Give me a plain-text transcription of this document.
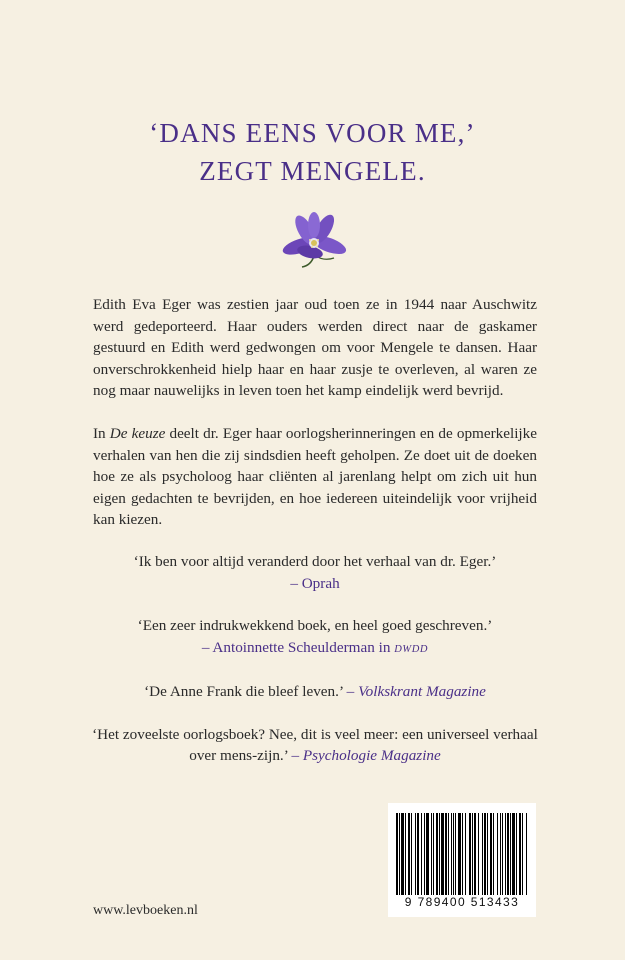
‘DANS EENS VOOR ME,’
ZEGT MENGELE.

Edith Eva Eger was zestien jaar oud toen ze in 1944 naar Auschwitz werd gedeporteerd. Haar ouders werden direct naar de gaskamer gestuurd en Edith werd gedwongen om voor Mengele te dansen. Haar onverschrokkenheid hielp haar en haar zusje te overleven, al waren ze nog maar nauwelijks in leven toen het kamp eindelijk werd bevrijd.

In De keuze deelt dr. Eger haar oorlogsherinneringen en de opmerkelijke verhalen van hen die zij sindsdien heeft geholpen. Ze doet uit de doeken hoe ze als psycholoog haar cliënten al jarenlang helpt om zich uit hun eigen gedachten te bevrijden, en hoe iedereen uiteindelijk voor vrijheid kan kiezen.

‘Ik ben voor altijd veranderd door het verhaal van dr. Eger.’
– Oprah
‘Een zeer indrukwekkend boek, en heel goed geschreven.’
– Antoinnette Scheulderman in DWDD
‘De Anne Frank die bleef leven.’ – Volkskrant Magazine
‘Het zoveelste oorlogsboek? Nee, dit is veel meer: een universeel verhaal over mens-zijn.’ – Psychologie Magazine
www.levboeken.nl
9 789400 513433
